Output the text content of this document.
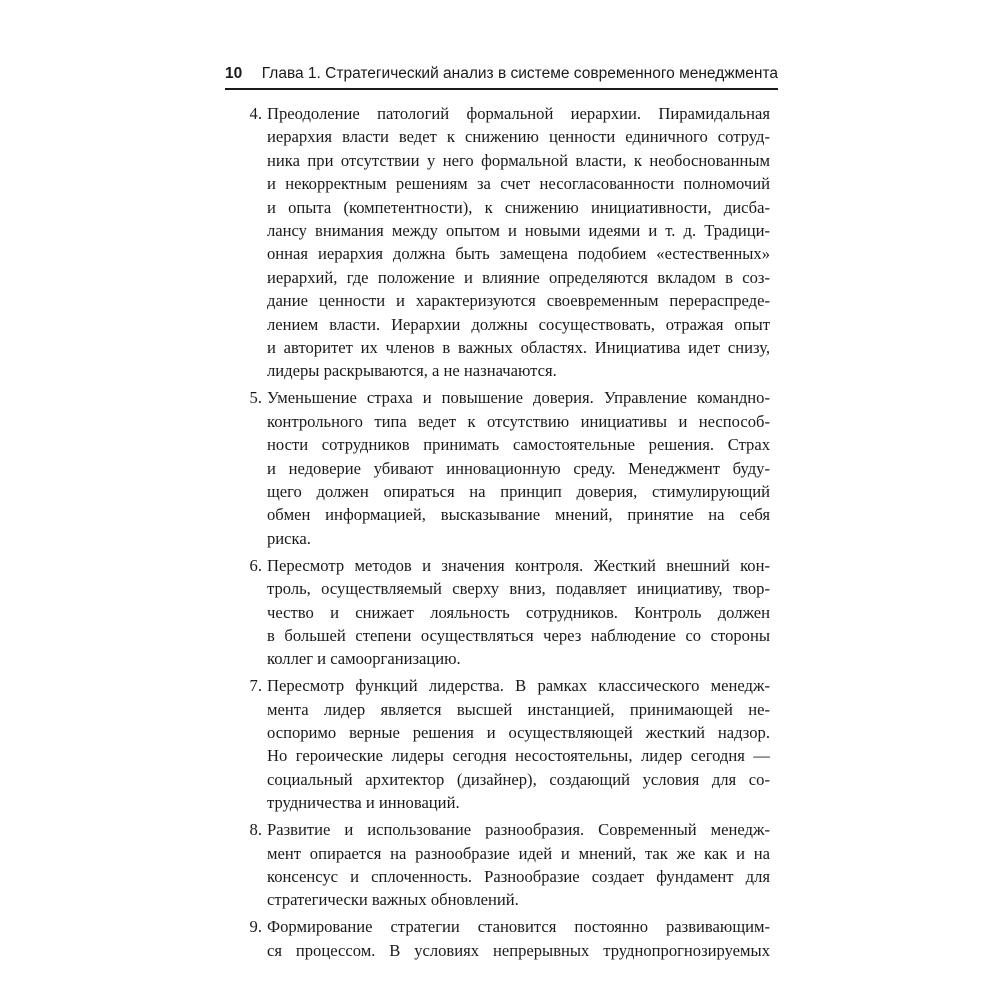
10 Глава 1. Стратегический анализ в системе современного менеджмента
4. Преодоление патологий формальной иерархии. Пирамидальная
иерархия власти ведет к снижению ценности единичного сотруд-
ника при отсутствии у него формальной власти, к необоснованным
и некорректным решениям за счет несогласованности полномочий
и опыта (компетентности), к снижению инициативности, дисба-
лансу внимания между опытом и новыми идеями и т. д. Традици-
онная иерархия должна быть замещена подобием «естественных»
иерархий, где положение и влияние определяются вкладом в соз-
дание ценности и характеризуются своевременным перераспреде-
лением власти. Иерархии должны сосуществовать, отражая опыт
и авторитет их членов в важных областях. Инициатива идет снизу,
лидеры раскрываются, а не назначаются.
5. Уменьшение страха и повышение доверия. Управление командно-
контрольного типа ведет к отсутствию инициативы и неспособ-
ности сотрудников принимать самостоятельные решения. Страх
и недоверие убивают инновационную среду. Менеджмент буду-
щего должен опираться на принцип доверия, стимулирующий
обмен информацией, высказывание мнений, принятие на себя
риска.
6. Пересмотр методов и значения контроля. Жесткий внешний кон-
троль, осуществляемый сверху вниз, подавляет инициативу, твор-
чество и снижает лояльность сотрудников. Контроль должен
в большей степени осуществляться через наблюдение со стороны
коллег и самоорганизацию.
7. Пересмотр функций лидерства. В рамках классического менедж-
мента лидер является высшей инстанцией, принимающей не-
оспоримо верные решения и осуществляющей жесткий надзор.
Но героические лидеры сегодня несостоятельны, лидер сегодня —
социальный архитектор (дизайнер), создающий условия для со-
трудничества и инноваций.
8. Развитие и использование разнообразия. Современный менедж-
мент опирается на разнообразие идей и мнений, так же как и на
консенсус и сплоченность. Разнообразие создает фундамент для
стратегически важных обновлений.
9. Формирование стратегии становится постоянно развивающим-
ся процессом. В условиях непрерывных труднопрогнозируемых
